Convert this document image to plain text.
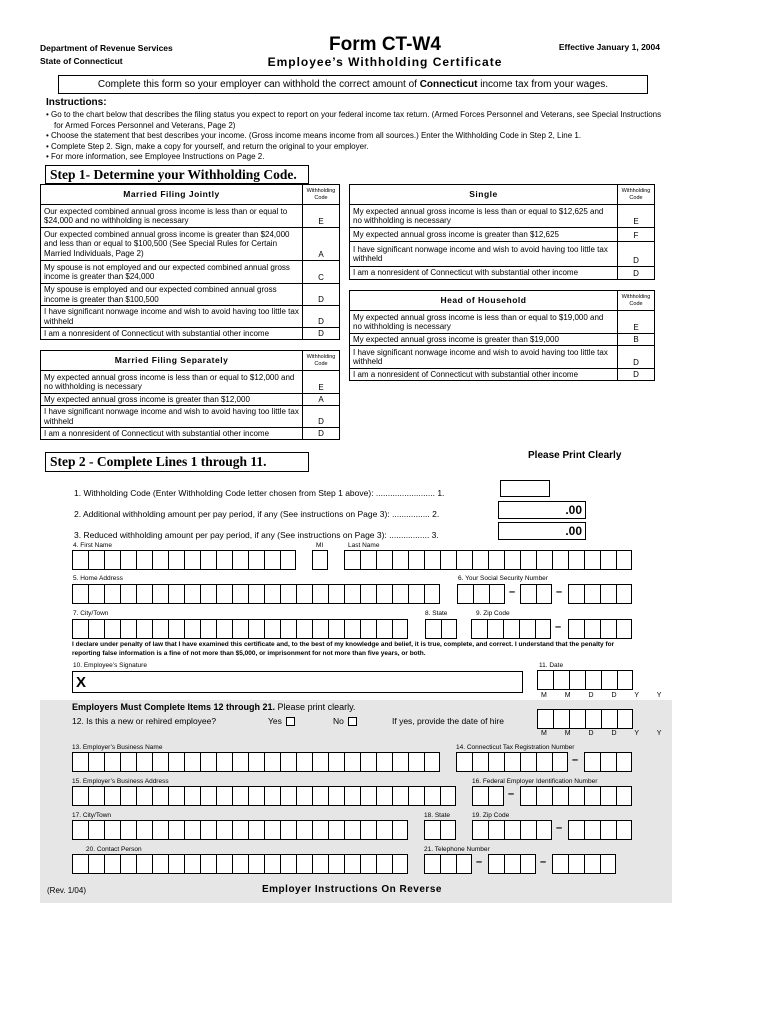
Department of Revenue Services
State of Connecticut
Form CT-W4
Employee’s Withholding Certificate
Effective January 1, 2004
Complete this form so your employer can withhold the correct amount of Connecticut income tax from your wages.
Instructions:
• Go to the chart below that describes the filing status you expect to report on your federal income tax return. (Armed Forces Personnel and Veterans, see Special Instructions for Armed Forces Personnel and Veterans, Page 2)
• Choose the statement that best describes your income. (Gross income means income from all sources.) Enter the Withholding Code in Step 2, Line 1.
• Complete Step 2. Sign, make a copy for yourself, and return the original to your employer.
• For more information, see Employee Instructions on Page 2.
Step 1- Determine your Withholding Code.
Married Filing Jointly	Withholding Code
Our expected combined annual gross income is less than or equal to $24,000 and no withholding is necessary	E
Our expected combined annual gross income is greater than $24,000 and less than or equal to $100,500 (See Special Rules for Certain Married Individuals, Page 2)	A
My spouse is not employed and our expected combined annual gross income is greater than $24,000	C
My spouse is employed and our expected combined annual gross income is greater than $100,500	D
I have significant nonwage income and wish to avoid having too little tax withheld	D
I am a nonresident of Connecticut with substantial other income	D
Married Filing Separately	Withholding Code
My expected annual gross income is less than or equal to $12,000 and no withholding is necessary	E
My expected annual gross income is greater than $12,000	A
I have significant nonwage income and wish to avoid having too little tax withheld	D
I am a nonresident of Connecticut with substantial other income	D
Single	Withholding Code
My expected annual gross income is less than or equal to $12,625 and no withholding is necessary	E
My expected annual gross income is greater than $12,625	F
I have significant nonwage income and wish to avoid having too little tax withheld	D
I am a nonresident of Connecticut with substantial other income	D
Head of Household	Withholding Code
My expected annual gross income is less than or equal to $19,000 and no withholding is necessary	E
My expected annual gross income is greater than $19,000	B
I have significant nonwage income and wish to avoid having too little tax withheld	D
I am a nonresident of Connecticut with substantial other income	D
Step 2 - Complete Lines 1 through 11.	Please Print Clearly
1. Withholding Code (Enter Withholding Code letter chosen from Step 1 above): ......................... 1.
2. Additional withholding amount per pay period, if any (See instructions on Page 3): ................ 2.	.00
3. Reduced withholding amount per pay period, if any (See instructions on Page 3): ................. 3.	.00
4. First Name	MI	Last Name
5. Home Address	6. Your Social Security Number
–	–
7. City/Town	8. State	9. Zip Code
–
I declare under penalty of law that I have examined this certificate and, to the best of my knowledge and belief, it is true, complete, and correct. I understand that the penalty for reporting false information is a fine of not more than $5,000, or imprisonment for not more than five years, or both.
10. Employee’s Signature	11. Date
X
M M D D Y Y
Employers Must Complete Items 12 through 21. Please print clearly.
12. Is this a new or rehired employee?	Yes	No	If yes, provide the date of hire
M M D D Y Y
13. Employer’s Business Name	14. Connecticut Tax Registration Number
–
15. Employer’s Business Address	16. Federal Employer Identification Number
–
17. City/Town	18. State	19. Zip Code
–
20. Contact Person	21. Telephone Number
–	–
(Rev. 1/04)	Employer Instructions On Reverse
